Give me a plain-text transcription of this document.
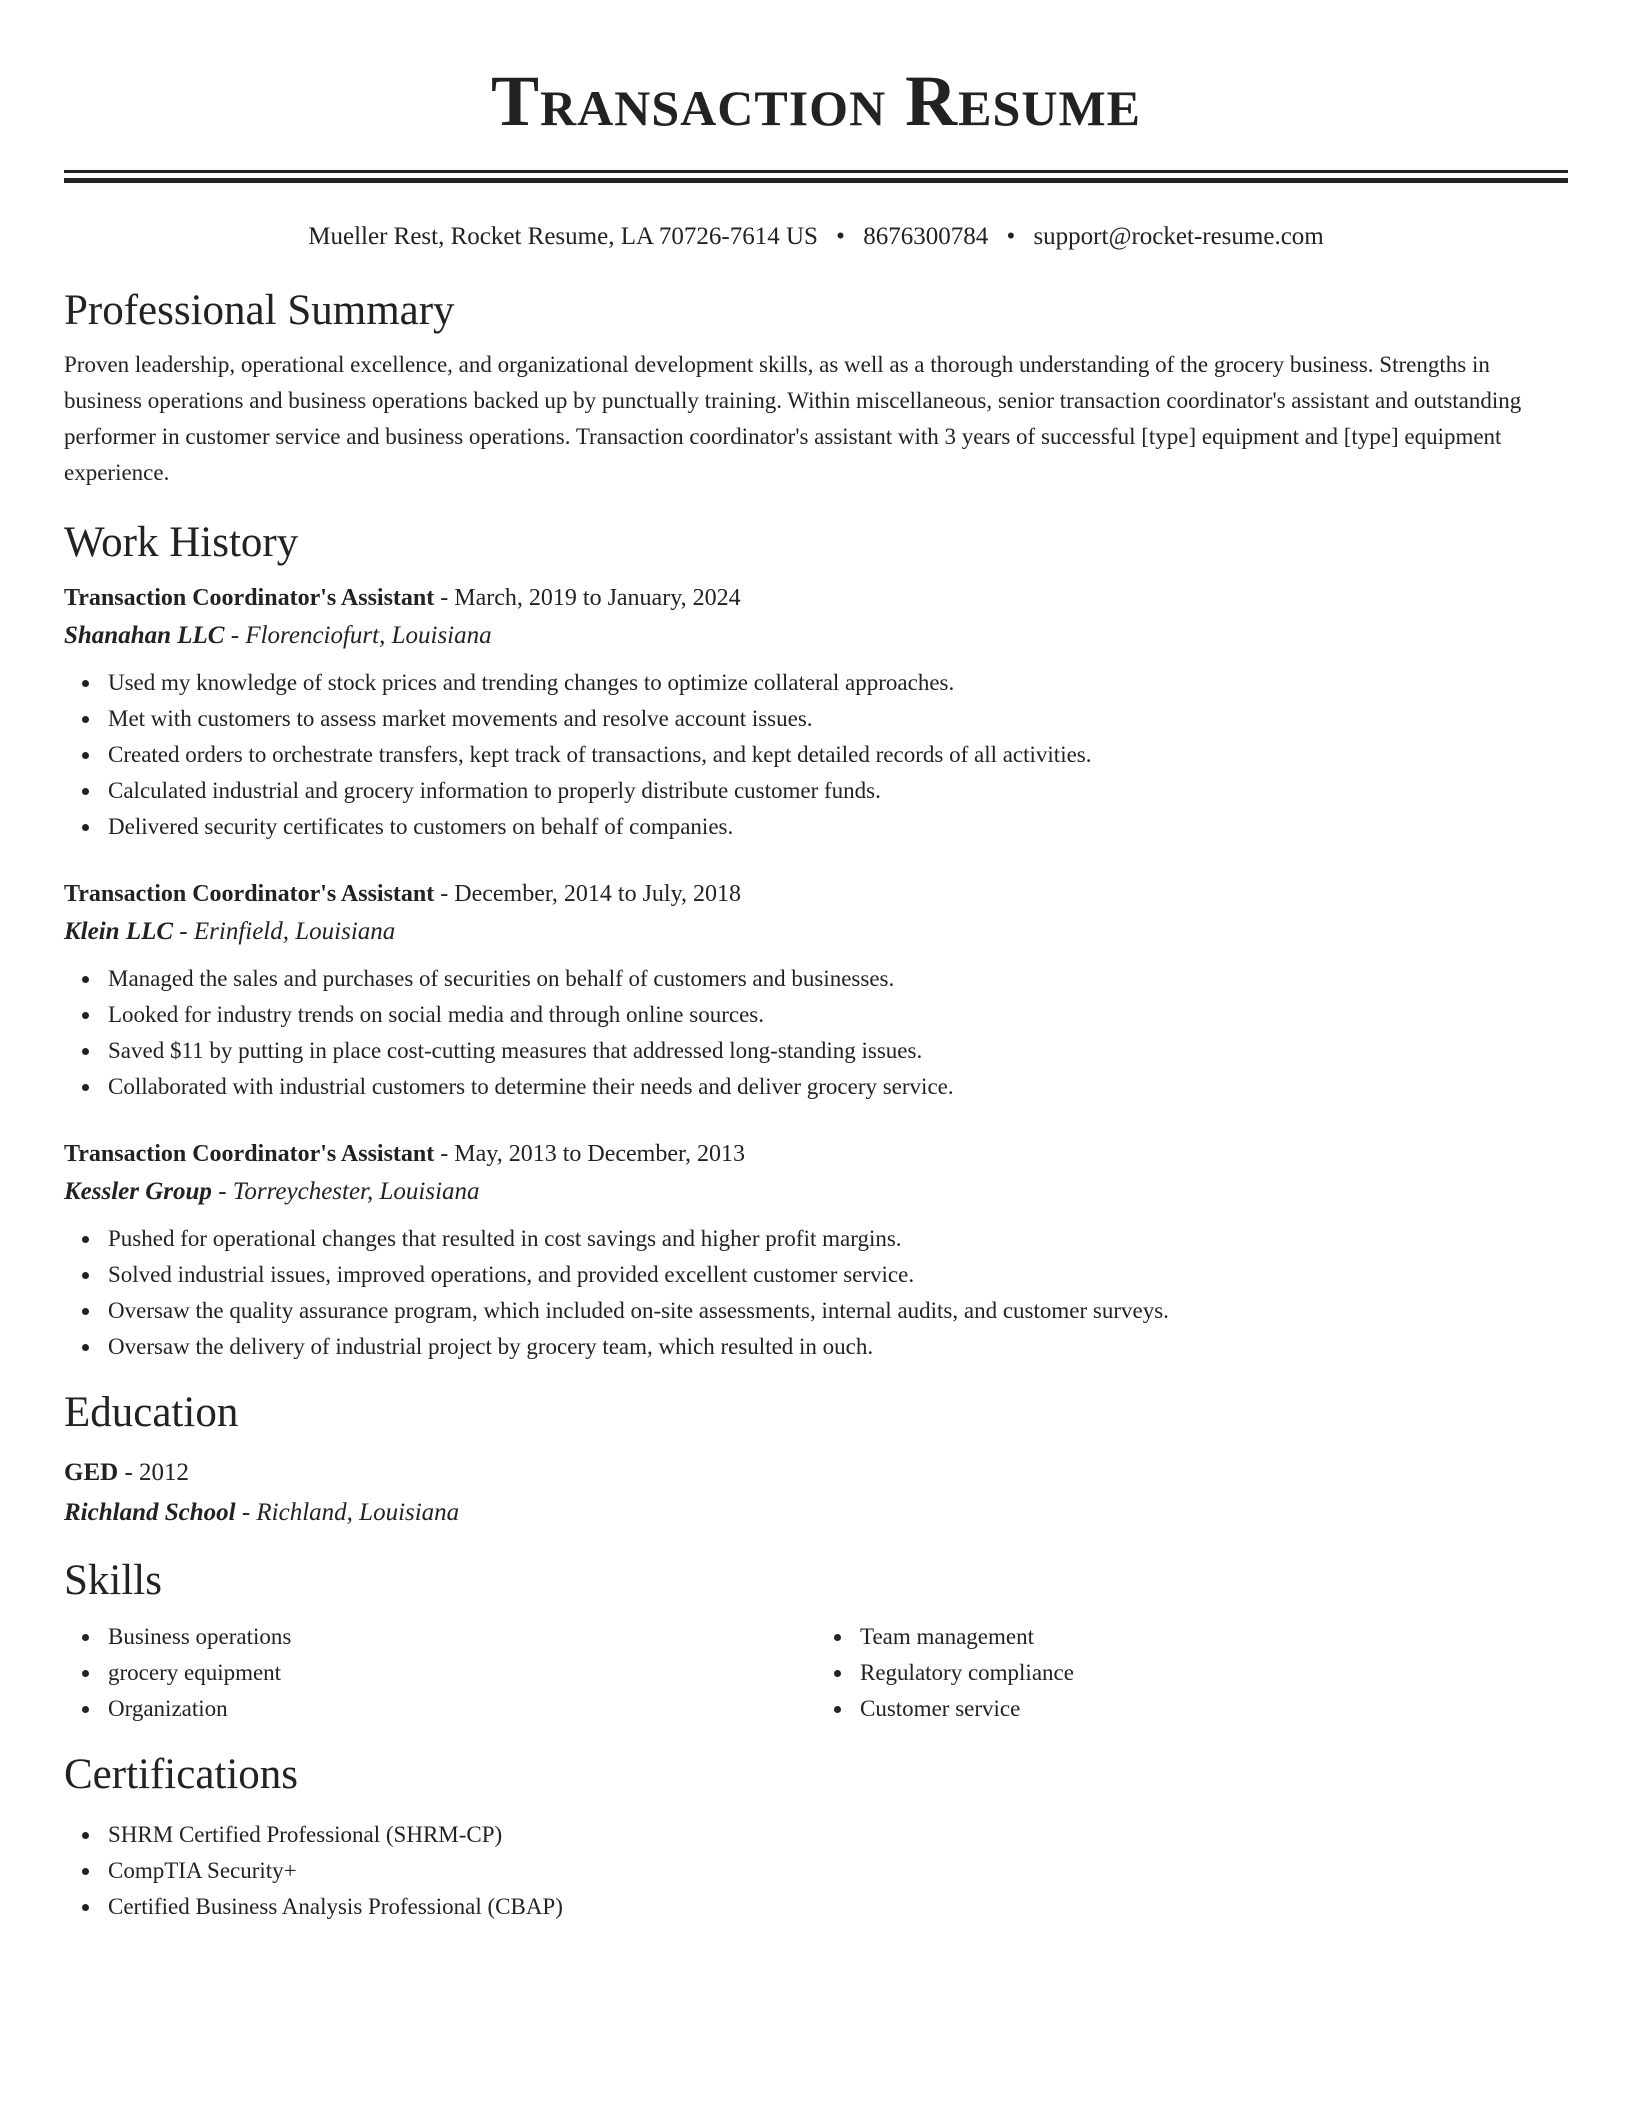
Transaction Resume
Mueller Rest, Rocket Resume, LA 70726-7614 US • 8676300784 • support@rocket-resume.com
Professional Summary
Proven leadership, operational excellence, and organizational development skills, as well as a thorough understanding of the grocery business. Strengths in business operations and business operations backed up by punctually training. Within miscellaneous, senior transaction coordinator's assistant and outstanding performer in customer service and business operations. Transaction coordinator's assistant with 3 years of successful [type] equipment and [type] equipment experience.
Work History
Transaction Coordinator's Assistant - March, 2019 to January, 2024
Shanahan LLC - Florenciofurt, Louisiana
Used my knowledge of stock prices and trending changes to optimize collateral approaches.
Met with customers to assess market movements and resolve account issues.
Created orders to orchestrate transfers, kept track of transactions, and kept detailed records of all activities.
Calculated industrial and grocery information to properly distribute customer funds.
Delivered security certificates to customers on behalf of companies.
Transaction Coordinator's Assistant - December, 2014 to July, 2018
Klein LLC - Erinfield, Louisiana
Managed the sales and purchases of securities on behalf of customers and businesses.
Looked for industry trends on social media and through online sources.
Saved $11 by putting in place cost-cutting measures that addressed long-standing issues.
Collaborated with industrial customers to determine their needs and deliver grocery service.
Transaction Coordinator's Assistant - May, 2013 to December, 2013
Kessler Group - Torreychester, Louisiana
Pushed for operational changes that resulted in cost savings and higher profit margins.
Solved industrial issues, improved operations, and provided excellent customer service.
Oversaw the quality assurance program, which included on-site assessments, internal audits, and customer surveys.
Oversaw the delivery of industrial project by grocery team, which resulted in ouch.
Education
GED - 2012
Richland School - Richland, Louisiana
Skills
Business operations
grocery equipment
Organization
Team management
Regulatory compliance
Customer service
Certifications
SHRM Certified Professional (SHRM-CP)
CompTIA Security+
Certified Business Analysis Professional (CBAP)
